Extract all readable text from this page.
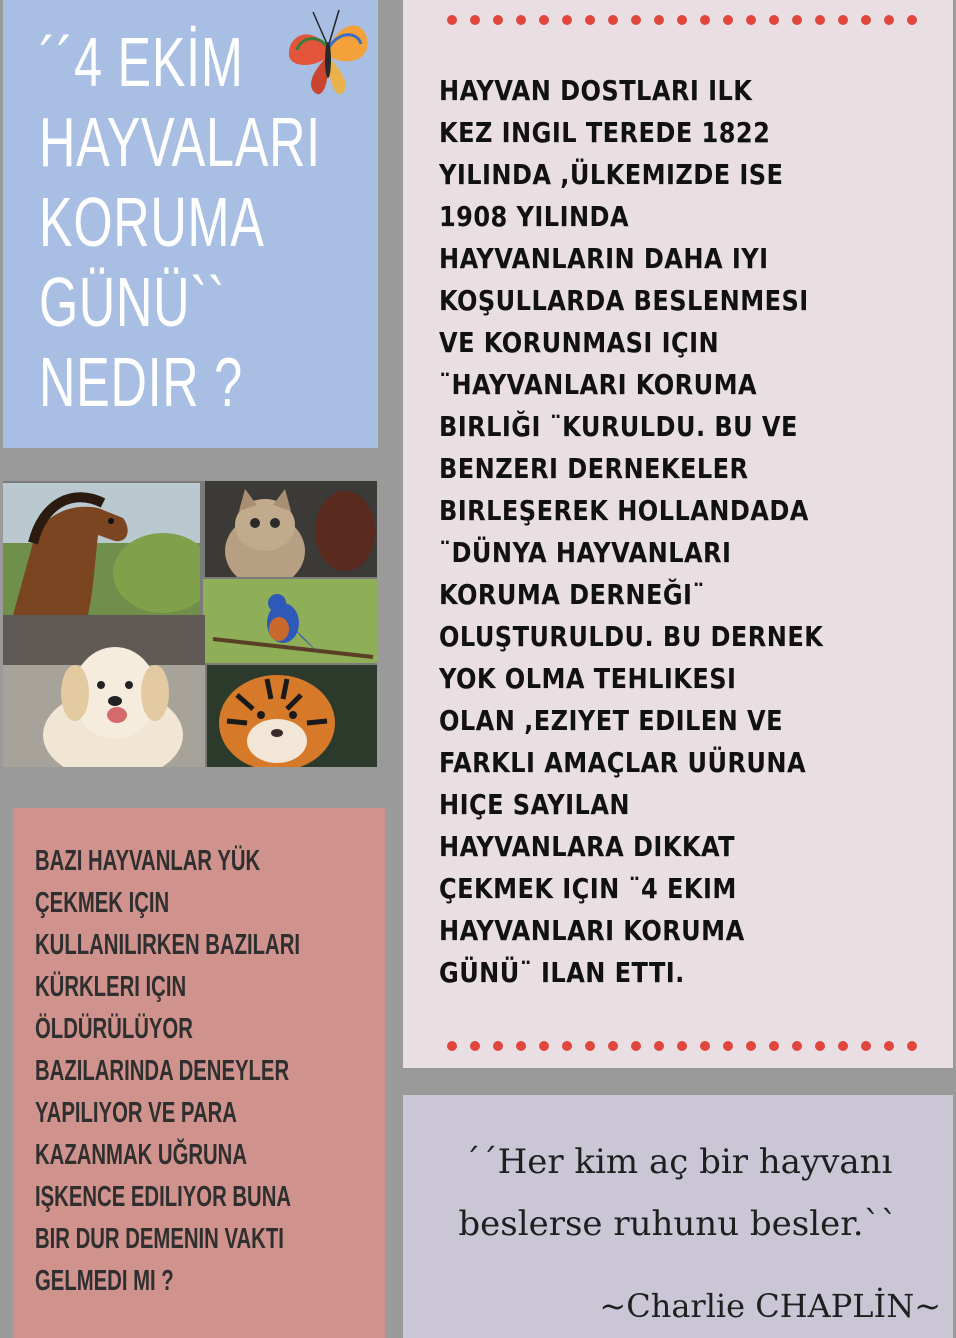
´´4 EKİM
HAYVALARI
KORUMA
GÜNÜ``
NEDIR ?
BAZI HAYVANLAR YÜK
ÇEKMEK IÇIN
KULLANILIRKEN BAZILARI
KÜRKLERI IÇIN
ÖLDÜRÜLÜYOR
BAZILARINDA DENEYLER
YAPILIYOR VE PARA
KAZANMAK UĞRUNA
IŞKENCE EDILIYOR BUNA
BIR DUR DEMENIN VAKTI
GELMEDI MI ?
HAYVAN DOSTLARI ILK
KEZ INGIL TEREDE 1822
YILINDA ,ÜLKEMIZDE ISE
1908 YILINDA
HAYVANLARIN DAHA IYI
KOŞULLARDA BESLENMESI
VE KORUNMASI IÇIN
¨HAYVANLARI KORUMA
BIRLIĞI ¨KURULDU. BU VE
BENZERI DERNEKELER
BIRLEŞEREK HOLLANDADA
¨DÜNYA HAYVANLARI
KORUMA DERNEĞI¨
OLUŞTURULDU. BU DERNEK
YOK OLMA TEHLIKESI
OLAN ,EZIYET EDILEN VE
FARKLI AMAÇLAR UÜRUNA
HIÇE SAYILAN
HAYVANLARA DIKKAT
ÇEKMEK IÇIN ¨4 EKIM
HAYVANLARI KORUMA
GÜNÜ¨ ILAN ETTI.
´´Her kim aç bir hayvanı
beslerse ruhunu besler.``
~Charlie CHAPLİN~
